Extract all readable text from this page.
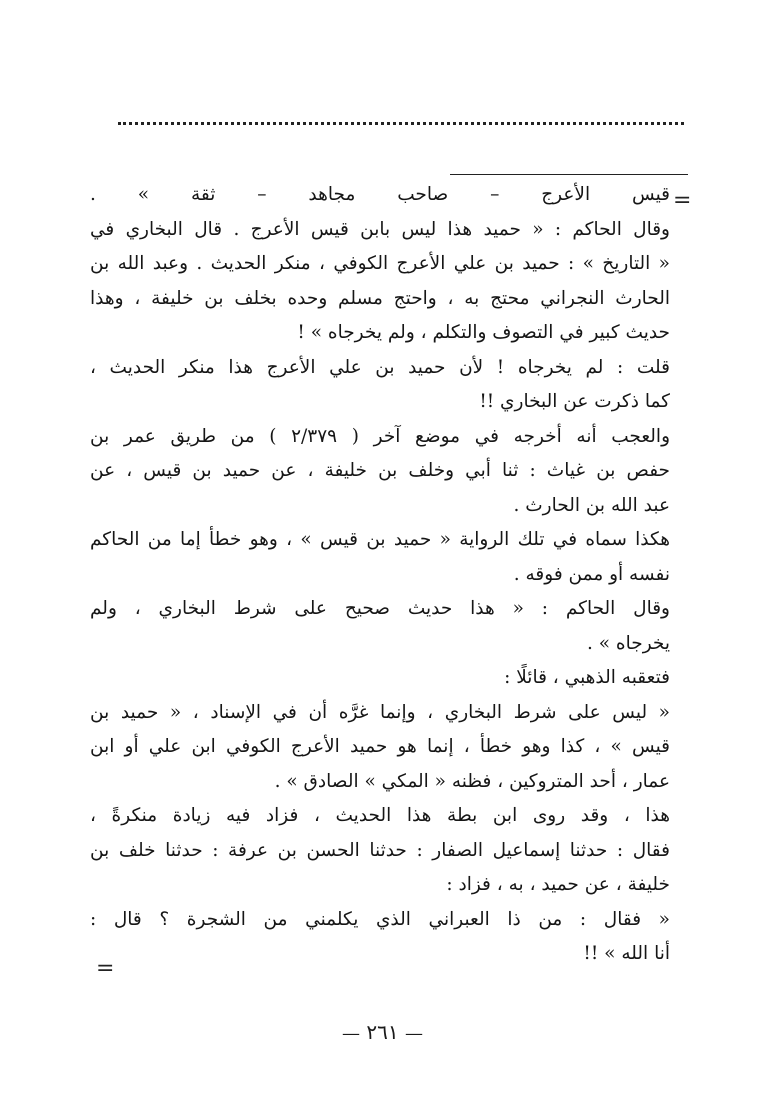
=
قيس الأعرج – صاحب مجاهد – ثقة » .
وقال الحاكم : « حميد هذا ليس بابن قيس الأعرج . قال البخاري في
« التاريخ » : حميد بن علي الأعرج الكوفي ، منكر الحديث . وعبد الله بن
الحارث النجراني محتج به ، واحتج مسلم وحده بخلف بن خليفة ، وهذا
حديث كبير في التصوف والتكلم ، ولم يخرجاه » !
قلت : لم يخرجاه ! لأن حميد بن علي الأعرج هذا منكر الحديث ،
كما ذكرت عن البخاري !!
والعجب أنه أخرجه في موضع آخر ( ٢/٣٧٩ ) من طريق عمر بن
حفص بن غياث : ثنا أبي وخلف بن خليفة ، عن حميد بن قيس ، عن
عبد الله بن الحارث .
هكذا سماه في تلك الرواية « حميد بن قيس » ، وهو خطأ إما من الحاكم
نفسه أو ممن فوقه .
وقال الحاكم : « هذا حديث صحيح على شرط البخاري ، ولم
يخرجاه » .
فتعقبه الذهبي ، قائلًا :
« ليس على شرط البخاري ، وإنما غرَّه أن في الإسناد ، « حميد بن
قيس » ، كذا وهو خطأ ، إنما هو حميد الأعرج الكوفي ابن علي أو ابن
عمار ، أحد المتروكين ، فظنه « المكي » الصادق » .
هذا ، وقد روى ابن بطة هذا الحديث ، فزاد فيه زيادة منكرةً ،
فقال : حدثنا إسماعيل الصفار : حدثنا الحسن بن عرفة : حدثنا خلف بن
خليفة ، عن حميد ، به ، فزاد :
« فقال : من ذا العبراني الذي يكلمني من الشجرة ؟ قال :
أنا الله » !!
=
— ٢٦١ —
